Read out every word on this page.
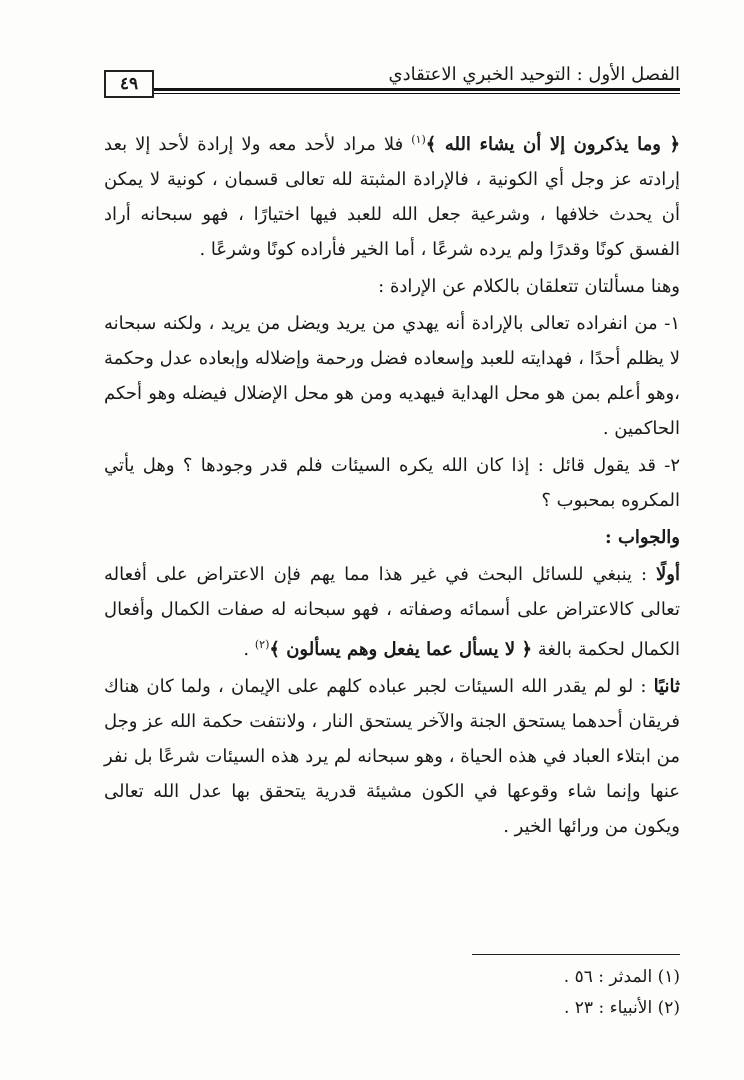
٤٩	الفصل الأول : التوحيد الخبري الاعتقادي

﴿ وما يذكرون إلا أن يشاء الله ﴾$^{(١)}$ فلا مراد لأحد معه ولا إرادة لأحد إلا بعد إرادته عز وجل أي الكونية ، فالإرادة المثبتة لله تعالى قسمان ، كونية لا يمكن أن يحدث خلافها ، وشرعية جعل الله للعبد فيها اختيارًا ، فهو سبحانه أراد الفسق كونًا وقدرًا ولم يرده شرعًا ، أما الخير فأراده كونًا وشرعًا .

وهنا مسألتان تتعلقان بالكلام عن الإرادة :

١- من انفراده تعالى بالإرادة أنه يهدي من يريد ويضل من يريد ، ولكنه سبحانه لا يظلم أحدًا ، فهدايته للعبد وإسعاده فضل ورحمة وإضلاله وإبعاده عدل وحكمة ،وهو أعلم بمن هو محل الهداية فيهديه ومن هو محل الإضلال فيضله وهو أحكم الحاكمين .

٢- قد يقول قائل : إذا كان الله يكره السيئات فلم قدر وجودها ؟ وهل يأتي المكروه بمحبوب ؟

والجواب :

أولًا : ينبغي للسائل البحث في غير هذا مما يهم فإن الاعتراض على أفعاله تعالى كالاعتراض على أسمائه وصفاته ، فهو سبحانه له صفات الكمال وأفعال الكمال لحكمة بالغة ﴿ لا يسأل عما يفعل وهم يسألون ﴾$^{(٢)}$ .

ثانيًا : لو لم يقدر الله السيئات لجبر عباده كلهم على الإيمان ، ولما كان هناك فريقان أحدهما يستحق الجنة والآخر يستحق النار ، ولانتفت حكمة الله عز وجل من ابتلاء العباد في هذه الحياة ، وهو سبحانه لم يرد هذه السيئات شرعًا بل نفر عنها وإنما شاء وقوعها في الكون مشيئة قدرية يتحقق بها عدل الله تعالى ويكون من ورائها الخير .

(١) المدثر : ٥٦ .
(٢) الأنبياء : ٢٣ .
